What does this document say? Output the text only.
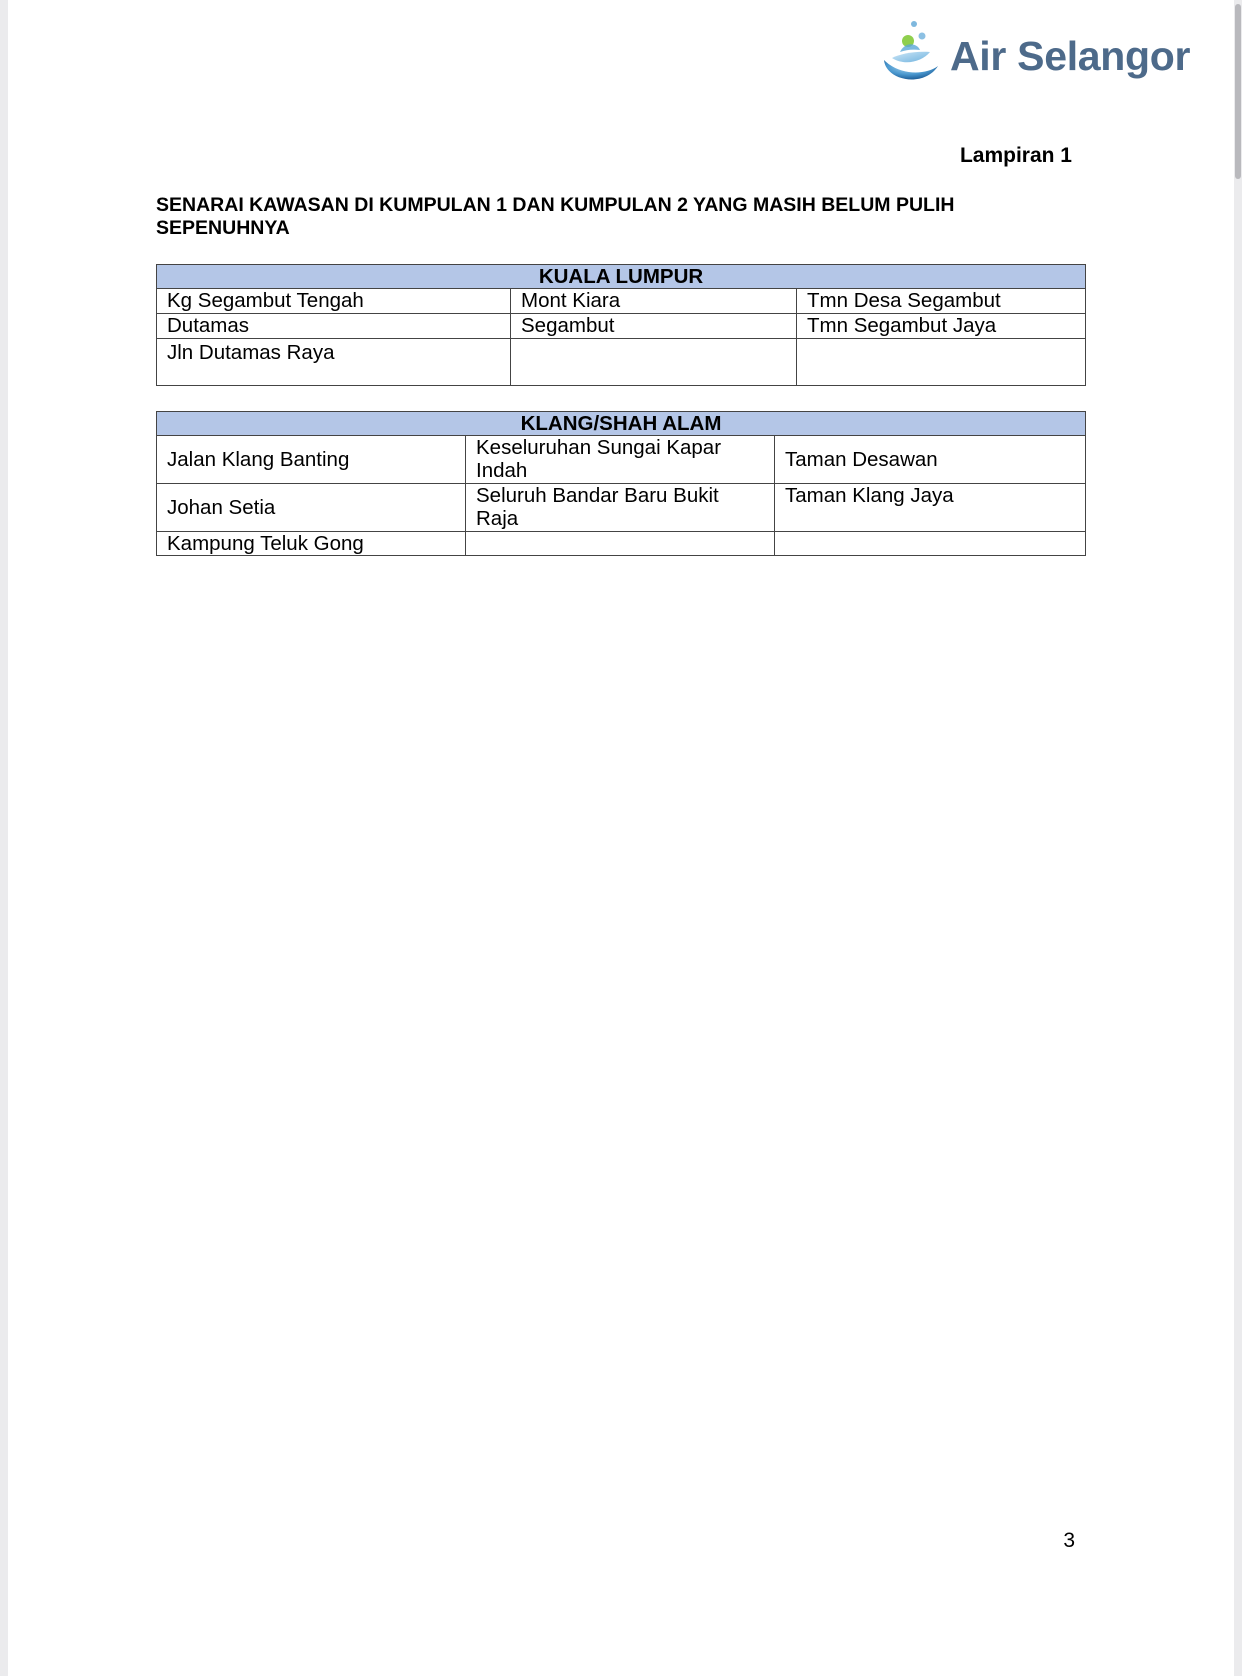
Air Selangor
Lampiran 1
SENARAI KAWASAN DI KUMPULAN 1 DAN KUMPULAN 2 YANG MASIH BELUM PULIH
SEPENUHNYA
KUALA LUMPUR		
Kg Segambut Tengah	Mont Kiara	Tmn Desa Segambut
Dutamas	Segambut	Tmn Segambut Jaya
Jln Dutamas Raya		
KLANG/SHAH ALAM		
Jalan Klang Banting	Keseluruhan Sungai Kapar Indah	Taman Desawan
Johan Setia	Seluruh Bandar Baru Bukit Raja	Taman Klang Jaya
Kampung Teluk Gong		
3
